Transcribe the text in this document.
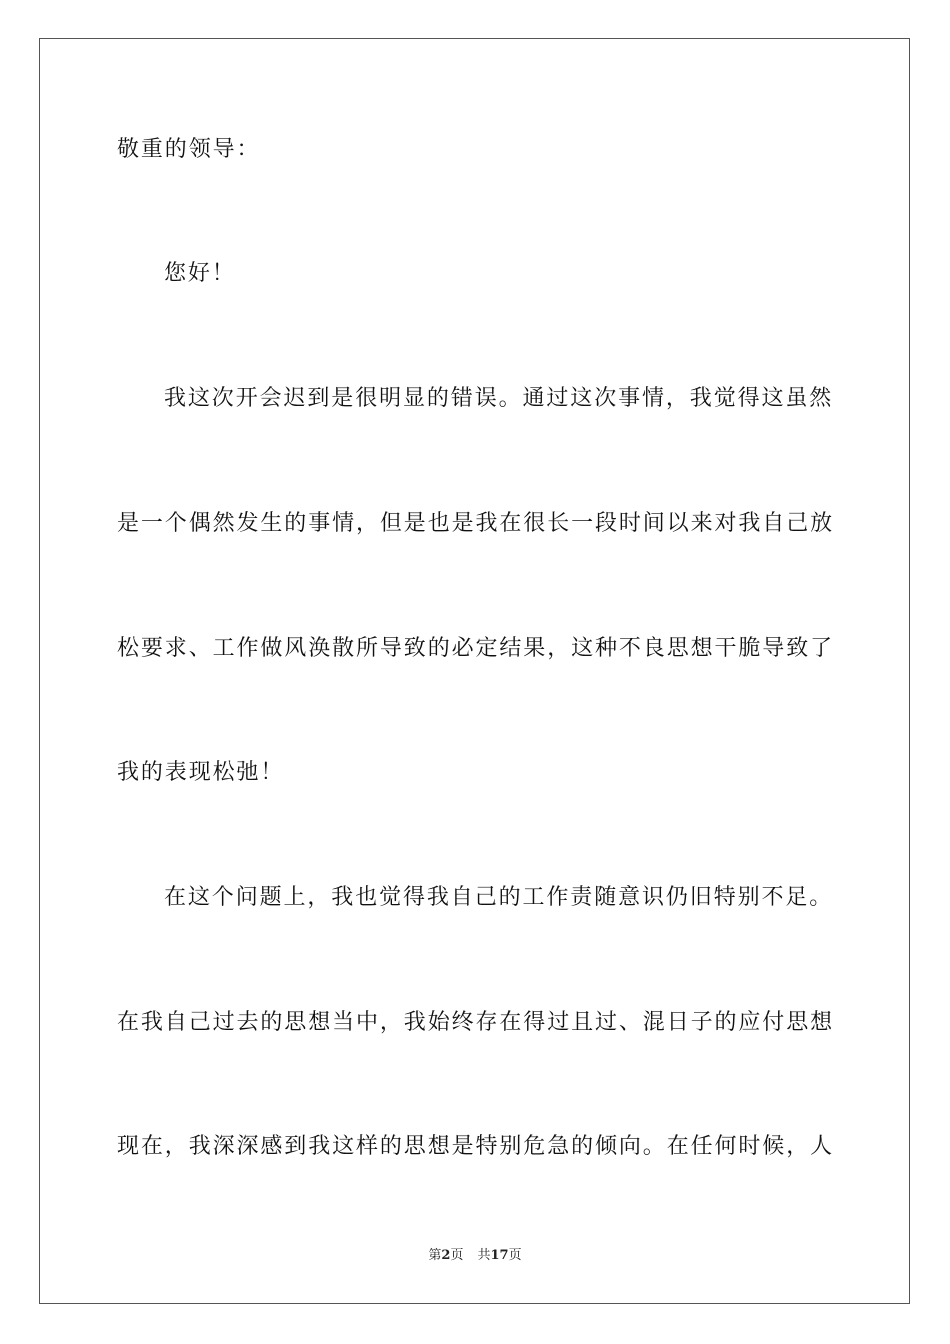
敬重的领导：
您好！
我这次开会迟到是很明显的错误。通过这次事情，我觉得这虽然
是一个偶然发生的事情，但是也是我在很长一段时间以来对我自己放
松要求、工作做风涣散所导致的必定结果，这种不良思想干脆导致了
我的表现松弛！
在这个问题上，我也觉得我自己的工作责随意识仍旧特别不足。
在我自己过去的思想当中，我始终存在得过且过、混日子的应付思想
现在，我深深感到我这样的思想是特别危急的倾向。在任何时候，人
第2页 共17页
